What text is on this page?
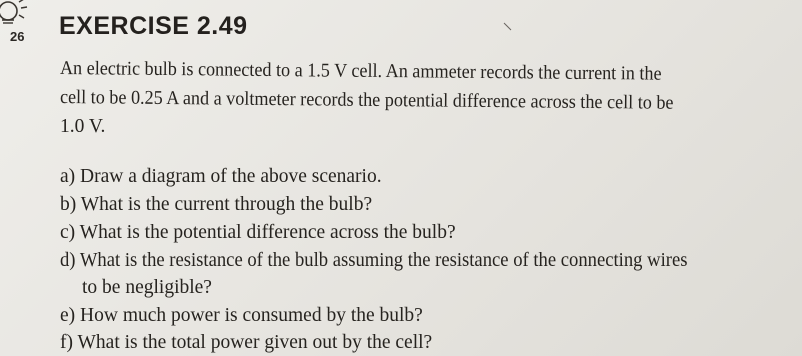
26 EXERCISE 2.49
An electric bulb is connected to a 1.5 V cell. An ammeter records the current in the
cell to be 0.25 A and a voltmeter records the potential difference across the cell to be
1.0 V.
a) Draw a diagram of the above scenario.
b) What is the current through the bulb?
c) What is the potential difference across the bulb?
d) What is the resistance of the bulb assuming the resistance of the connecting wires
to be negligible?
e) How much power is consumed by the bulb?
f) What is the total power given out by the cell?
